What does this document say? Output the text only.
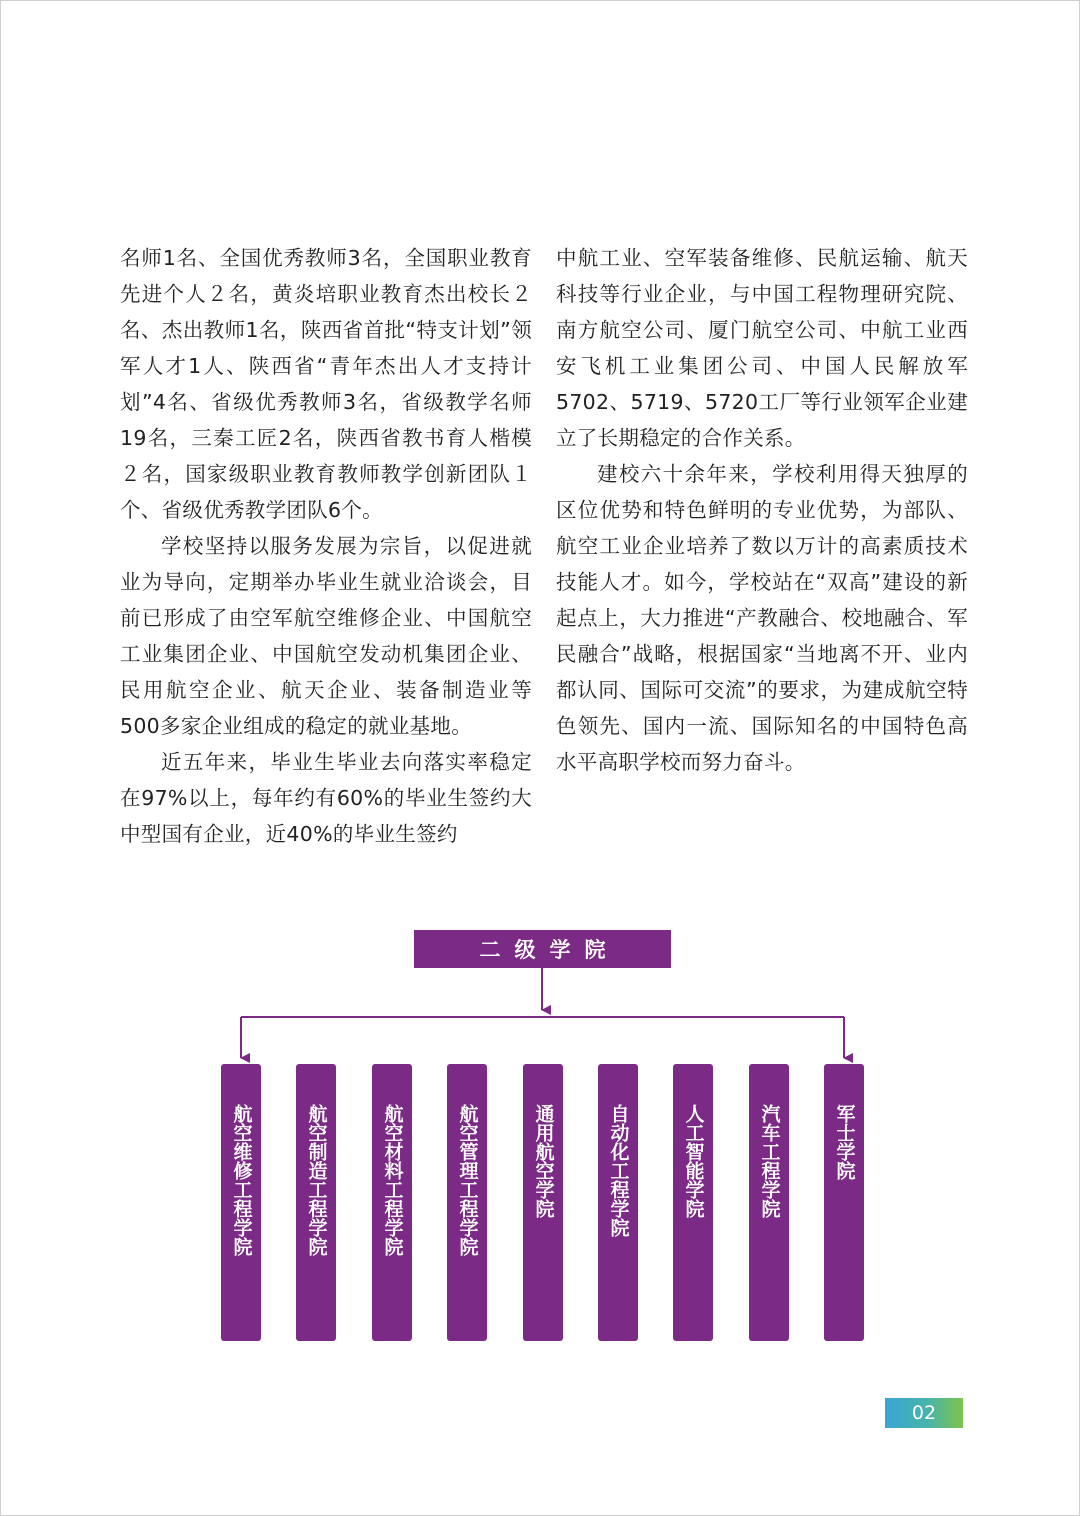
名师1名、全国优秀教师3名，全国职业教育先进个人２名，黄炎培职业教育杰出校长２名、杰出教师1名，陕西省首批“特支计划”领军人才1人、陕西省“青年杰出人才支持计划”4名、省级优秀教师3名，省级教学名师19名，三秦工匠2名，陕西省教书育人楷模２名，国家级职业教育教师教学创新团队１个、省级优秀教学团队6个。

学校坚持以服务发展为宗旨，以促进就业为导向，定期举办毕业生就业洽谈会，目前已形成了由空军航空维修企业、中国航空工业集团企业、中国航空发动机集团企业、民用航空企业、航天企业、装备制造业等500多家企业组成的稳定的就业基地。

近五年来，毕业生毕业去向落实率稳定在97%以上，每年约有60%的毕业生签约大中型国有企业，近40%的毕业生签约

中航工业、空军装备维修、民航运输、航天科技等行业企业，与中国工程物理研究院、南方航空公司、厦门航空公司、中航工业西安飞机工业集团公司、中国人民解放军5702、5719、5720工厂等行业领军企业建立了长期稳定的合作关系。

建校六十余年来，学校利用得天独厚的区位优势和特色鲜明的专业优势，为部队、航空工业企业培养了数以万计的高素质技术技能人才。如今，学校站在“双高”建设的新起点上，大力推进“产教融合、校地融合、军民融合”战略，根据国家“当地离不开、业内都认同、国际可交流”的要求，为建成航空特色领先、国内一流、国际知名的中国特色高水平高职学校而努力奋斗。

二级学院
航空维修工程学院	航空制造工程学院	航空材料工程学院	航空管理工程学院	通用航空学院	自动化工程学院	人工智能学院	汽车工程学院	军士学院
02
